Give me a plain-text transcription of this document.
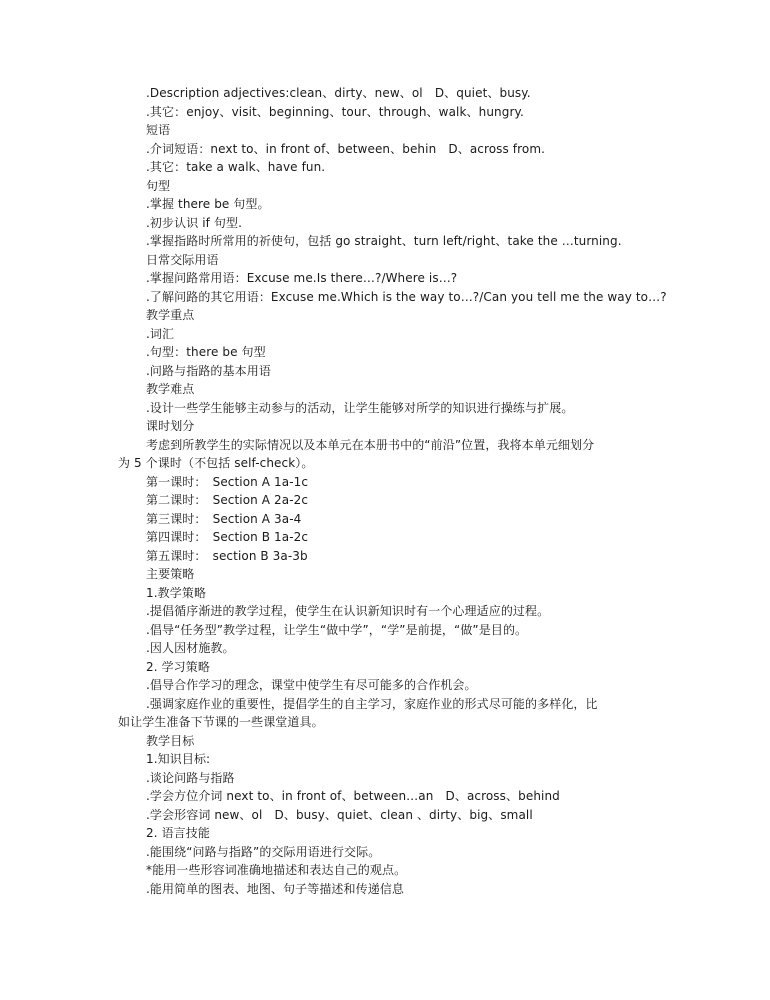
.Description adjectives:clean、dirty、new、ol　D、quiet、busy.
.其它：enjoy、visit、beginning、tour、through、walk、hungry.
短语
.介词短语：next to、in front of、between、behin　D、across from.
.其它：take a walk、have fun.
句型
.掌握 there be 句型。
.初步认识 if 句型.
.掌握指路时所常用的祈使句，包括 go straight、turn left/right、take the …turning.
日常交际用语
.掌握问路常用语：Excuse me.Is there…?/Where is…?
.了解问路的其它用语：Excuse me.Which is the way to…?/Can you tell me the way to…?
教学重点
.词汇
.句型：there be 句型
.问路与指路的基本用语
教学难点
.设计一些学生能够主动参与的活动，让学生能够对所学的知识进行操练与扩展。
课时划分
考虑到所教学生的实际情况以及本单元在本册书中的“前沿”位置，我将本单元细划分
为 5 个课时（不包括 self-check）。
第一课时：　Section A 1a-1c
第二课时：　Section A 2a-2c
第三课时：　Section A 3a-4
第四课时：　Section B 1a-2c
第五课时：　section B 3a-3b
主要策略
1.教学策略
.提倡循序渐进的教学过程，使学生在认识新知识时有一个心理适应的过程。
.倡导“任务型”教学过程，让学生“做中学”，“学”是前提，“做”是目的。
.因人因材施教。
2. 学习策略
.倡导合作学习的理念，课堂中使学生有尽可能多的合作机会。
.强调家庭作业的重要性，提倡学生的自主学习，家庭作业的形式尽可能的多样化，比
如让学生准备下节课的一些课堂道具。
教学目标
1.知识目标:
.谈论问路与指路
.学会方位介词 next to、in front of、between…an　D、across、behind
.学会形容词 new、ol　D、busy、quiet、clean 、dirty、big、small
2. 语言技能
.能围绕“问路与指路”的交际用语进行交际。
*能用一些形容词准确地描述和表达自己的观点。
.能用简单的图表、地图、句子等描述和传递信息
